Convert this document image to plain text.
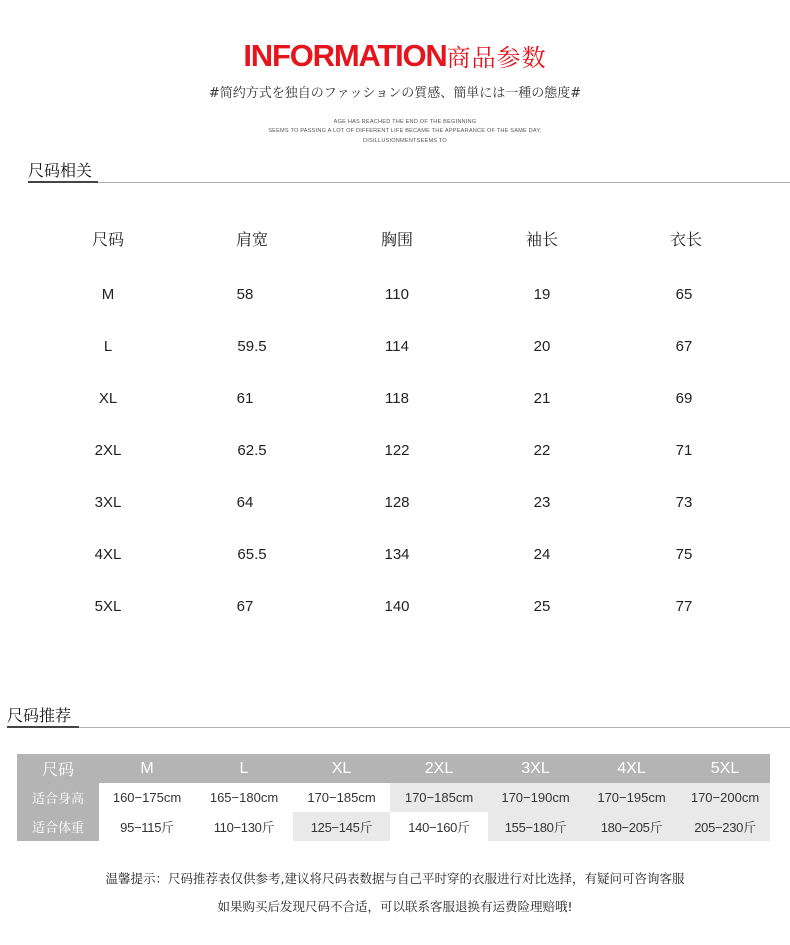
INFORMATION商品参数
#简约方式を独自のファッションの質感、簡単には一種の態度#
AGE HAS REACHED THE END OF THE BEGINNING
SEEMS TO PASSING A LOT OF DIFFERENT LIFE BECAME THE APPEARANCE OF THE SAME DAY;
DISILLUSIONMENTSEEMS TO
尺码相关
尺码	肩宽	胸围	袖长	衣长
M	58	110	19	65
L	59.5	114	20	67
XL	61	118	21	69
2XL	62.5	122	22	71
3XL	64	128	23	73
4XL	65.5	134	24	75
5XL	67	140	25	77
尺码推荐
尺码	M	L	XL	2XL	3XL	4XL	5XL
适合身高	160−175cm	165−180cm	170−185cm	170−185cm	170−190cm	170−195cm	170−200cm
适合体重	95−115斤	110−130斤	125−145斤	140−160斤	155−180斤	180−205斤	205−230斤
温馨提示：尺码推荐表仅供参考,建议将尺码表数据与自己平时穿的衣服进行对比选择，有疑问可咨询客服
如果购买后发现尺码不合适，可以联系客服退换有运费险理赔哦!
